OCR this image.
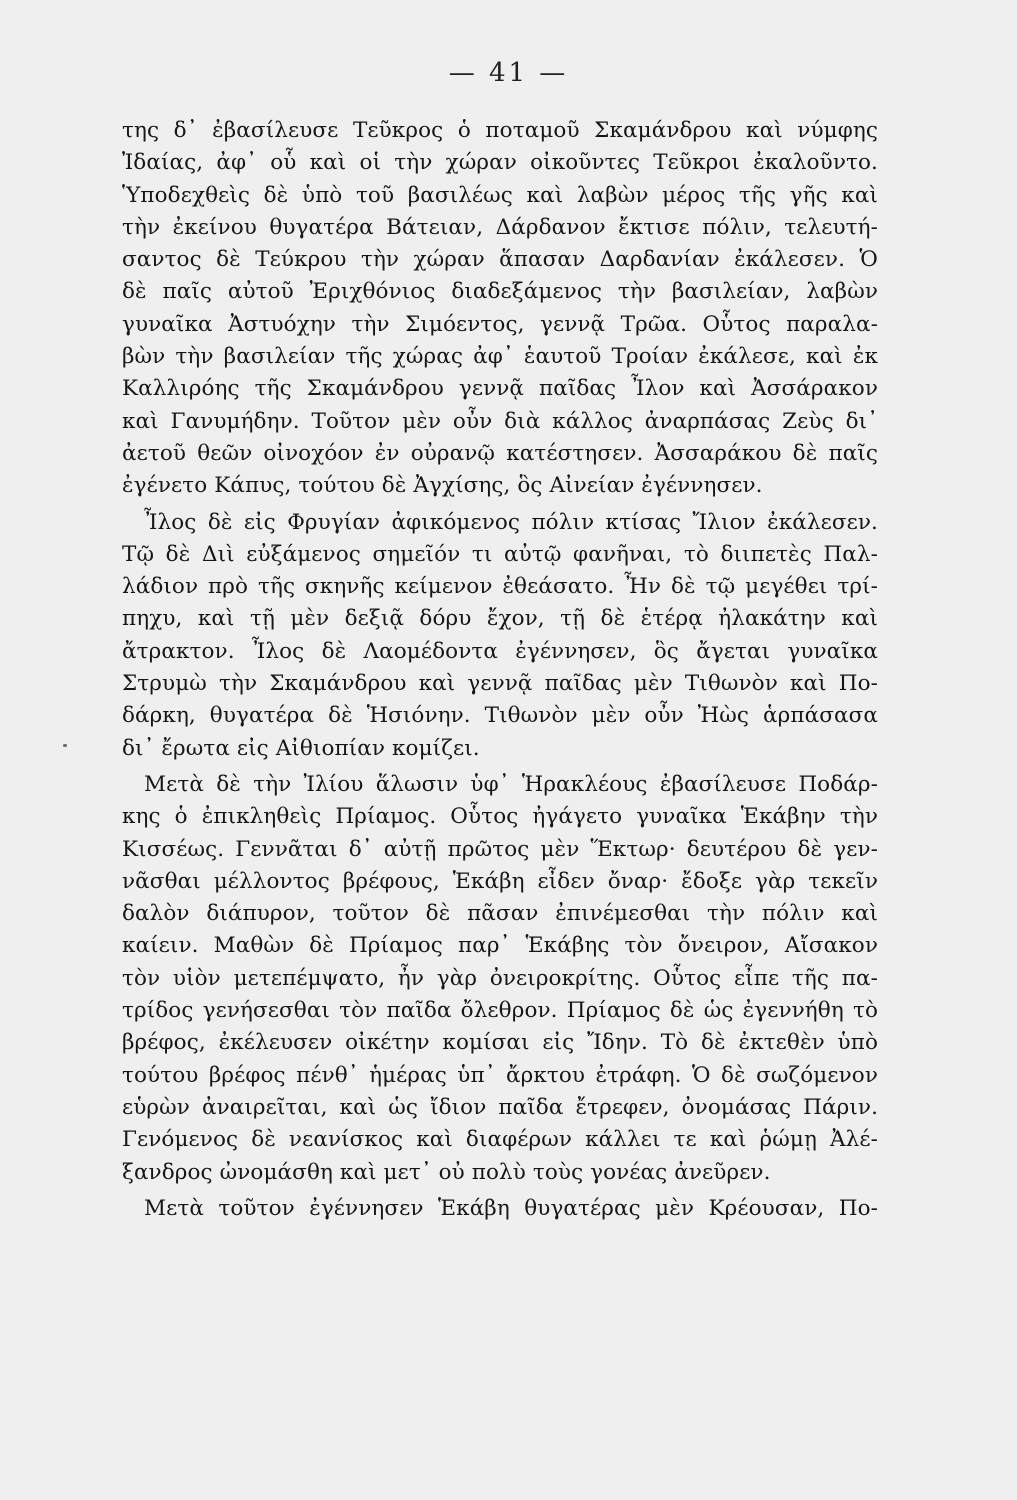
— 41 —
της δ᾽ ἐβασίλευσε Τεῦκρος ὁ ποταμοῦ Σκαμάνδρου καὶ νύμφης
Ἰδαίας, ἀφ᾽ οὗ καὶ οἱ τὴν χώραν οἰκοῦντες Τεῦκροι ἐκαλοῦντο.
Ὑποδεχθεὶς δὲ ὑπὸ τοῦ βασιλέως καὶ λαβὼν μέρος τῆς γῆς καὶ
τὴν ἐκείνου θυγατέρα Βάτειαν, Δάρδανον ἔκτισε πόλιν, τελευτή-
σαντος δὲ Τεύκρου τὴν χώραν ἅπασαν Δαρδανίαν ἐκάλεσεν. Ὁ
δὲ παῖς αὐτοῦ Ἐριχθόνιος διαδεξάμενος τὴν βασιλείαν, λαβὼν
γυναῖκα Ἀστυόχην τὴν Σιμόεντος, γεννᾷ Τρῶα. Οὗτος παραλα-
βὼν τὴν βασιλείαν τῆς χώρας ἀφ᾽ ἑαυτοῦ Τροίαν ἐκάλεσε, καὶ ἐκ
Καλλιρόης τῆς Σκαμάνδρου γεννᾷ παῖδας Ἶλον καὶ Ἀσσάρακον
καὶ Γανυμήδην. Τοῦτον μὲν οὖν διὰ κάλλος ἀναρπάσας Ζεὺς δι᾽
ἀετοῦ θεῶν οἰνοχόον ἐν οὐρανῷ κατέστησεν. Ἀσσαράκου δὲ παῖς
ἐγένετο Κάπυς, τούτου δὲ Ἀγχίσης, ὃς Αἰνείαν ἐγέννησεν.
Ἶλος δὲ εἰς Φρυγίαν ἀφικόμενος πόλιν κτίσας Ἴλιον ἐκάλεσεν.
Τῷ δὲ Διὶ εὐξάμενος σημεῖόν τι αὐτῷ φανῆναι, τὸ διιπετὲς Παλ-
λάδιον πρὸ τῆς σκηνῆς κείμενον ἐθεάσατο. Ἦν δὲ τῷ μεγέθει τρί-
πηχυ, καὶ τῇ μὲν δεξιᾷ δόρυ ἔχον, τῇ δὲ ἑτέρᾳ ἠλακάτην καὶ
ἄτρακτον. Ἶλος δὲ Λαομέδοντα ἐγέννησεν, ὃς ἄγεται γυναῖκα
Στρυμὼ τὴν Σκαμάνδρου καὶ γεννᾷ παῖδας μὲν Τιθωνὸν καὶ Πο-
δάρκη, θυγατέρα δὲ Ἡσιόνην. Τιθωνὸν μὲν οὖν Ἠὼς ἁρπάσασα
δι᾽ ἔρωτα εἰς Αἰθιοπίαν κομίζει.
Μετὰ δὲ τὴν Ἰλίου ἅλωσιν ὑφ᾽ Ἡρακλέους ἐβασίλευσε Ποδάρ-
κης ὁ ἐπικληθεὶς Πρίαμος. Οὗτος ἠγάγετο γυναῖκα Ἑκάβην τὴν
Κισσέως. Γεννᾶται δ᾽ αὐτῇ πρῶτος μὲν Ἕκτωρ· δευτέρου δὲ γεν-
νᾶσθαι μέλλοντος βρέφους, Ἑκάβη εἶδεν ὄναρ· ἔδοξε γὰρ τεκεῖν
δαλὸν διάπυρον, τοῦτον δὲ πᾶσαν ἐπινέμεσθαι τὴν πόλιν καὶ
καίειν. Μαθὼν δὲ Πρίαμος παρ᾽ Ἑκάβης τὸν ὄνειρον, Αἴσακον
τὸν υἱὸν μετεπέμψατο, ἦν γὰρ ὀνειροκρίτης. Οὗτος εἶπε τῆς πα-
τρίδος γενήσεσθαι τὸν παῖδα ὄλεθρον. Πρίαμος δὲ ὡς ἐγεννήθη τὸ
βρέφος, ἐκέλευσεν οἰκέτην κομίσαι εἰς Ἴδην. Τὸ δὲ ἐκτεθὲν ὑπὸ
τούτου βρέφος πένθ᾽ ἡμέρας ὑπ᾽ ἄρκτου ἐτράφη. Ὁ δὲ σωζόμενον
εὑρὼν ἀναιρεῖται, καὶ ὡς ἴδιον παῖδα ἔτρεφεν, ὀνομάσας Πάριν.
Γενόμενος δὲ νεανίσκος καὶ διαφέρων κάλλει τε καὶ ῥώμῃ Ἀλέ-
ξανδρος ὠνομάσθη καὶ μετ᾽ οὐ πολὺ τοὺς γονέας ἀνεῦρεν.
Μετὰ τοῦτον ἐγέννησεν Ἑκάβη θυγατέρας μὲν Κρέουσαν, Πο-
